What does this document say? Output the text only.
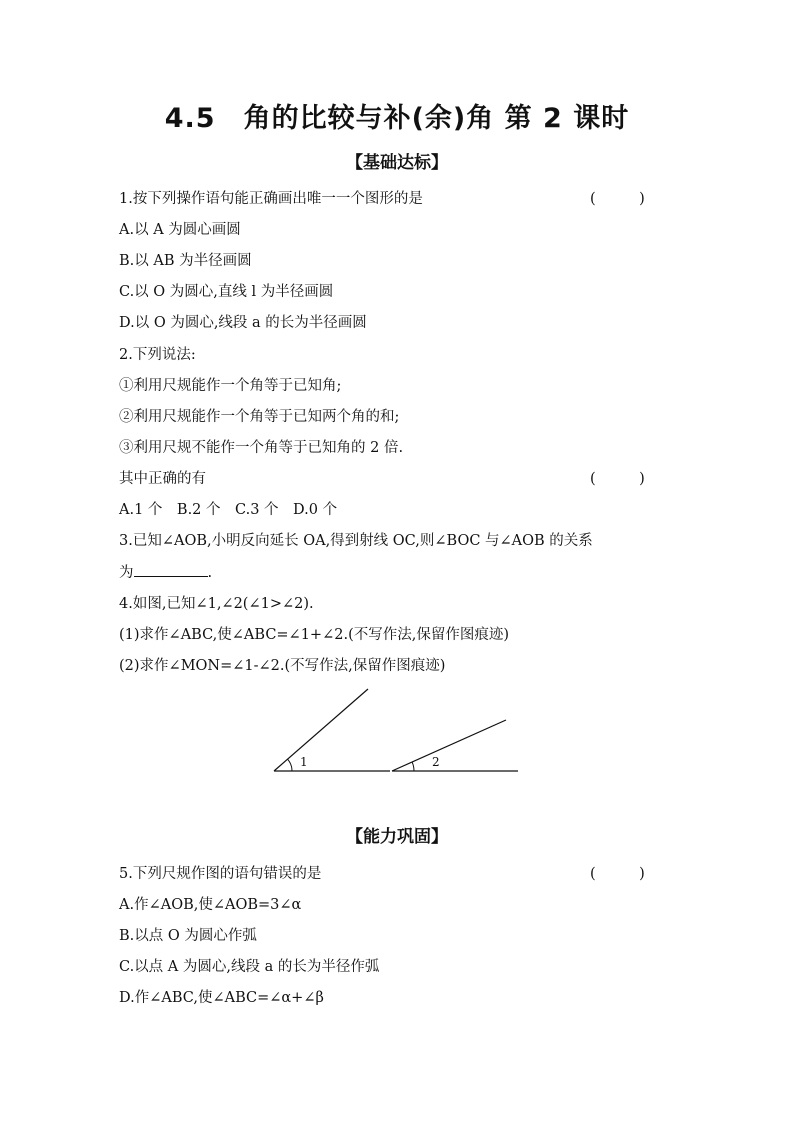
4.5　角的比较与补(余)角 第 2 课时
【基础达标】
1.按下列操作语句能正确画出唯一一个图形的是	(　　　)
A.以 A 为圆心画圆
B.以 AB 为半径画圆
C.以 O 为圆心,直线 l 为半径画圆
D.以 O 为圆心,线段 a 的长为半径画圆
2.下列说法:
①利用尺规能作一个角等于已知角;
②利用尺规能作一个角等于已知两个角的和;
③利用尺规不能作一个角等于已知角的 2 倍.
其中正确的有	(　　　)
A.1 个　B.2 个　C.3 个　D.0 个
3.已知∠AOB,小明反向延长 OA,得到射线 OC,则∠BOC 与∠AOB 的关系
为	.
4.如图,已知∠1,∠2(∠1>∠2).
(1)求作∠ABC,使∠ABC=∠1+∠2.(不写作法,保留作图痕迹)
(2)求作∠MON=∠1-∠2.(不写作法,保留作图痕迹)
1	2
【能力巩固】
5.下列尺规作图的语句错误的是	(　　　)
A.作∠AOB,使∠AOB=3∠α
B.以点 O 为圆心作弧
C.以点 A 为圆心,线段 a 的长为半径作弧
D.作∠ABC,使∠ABC=∠α+∠β
